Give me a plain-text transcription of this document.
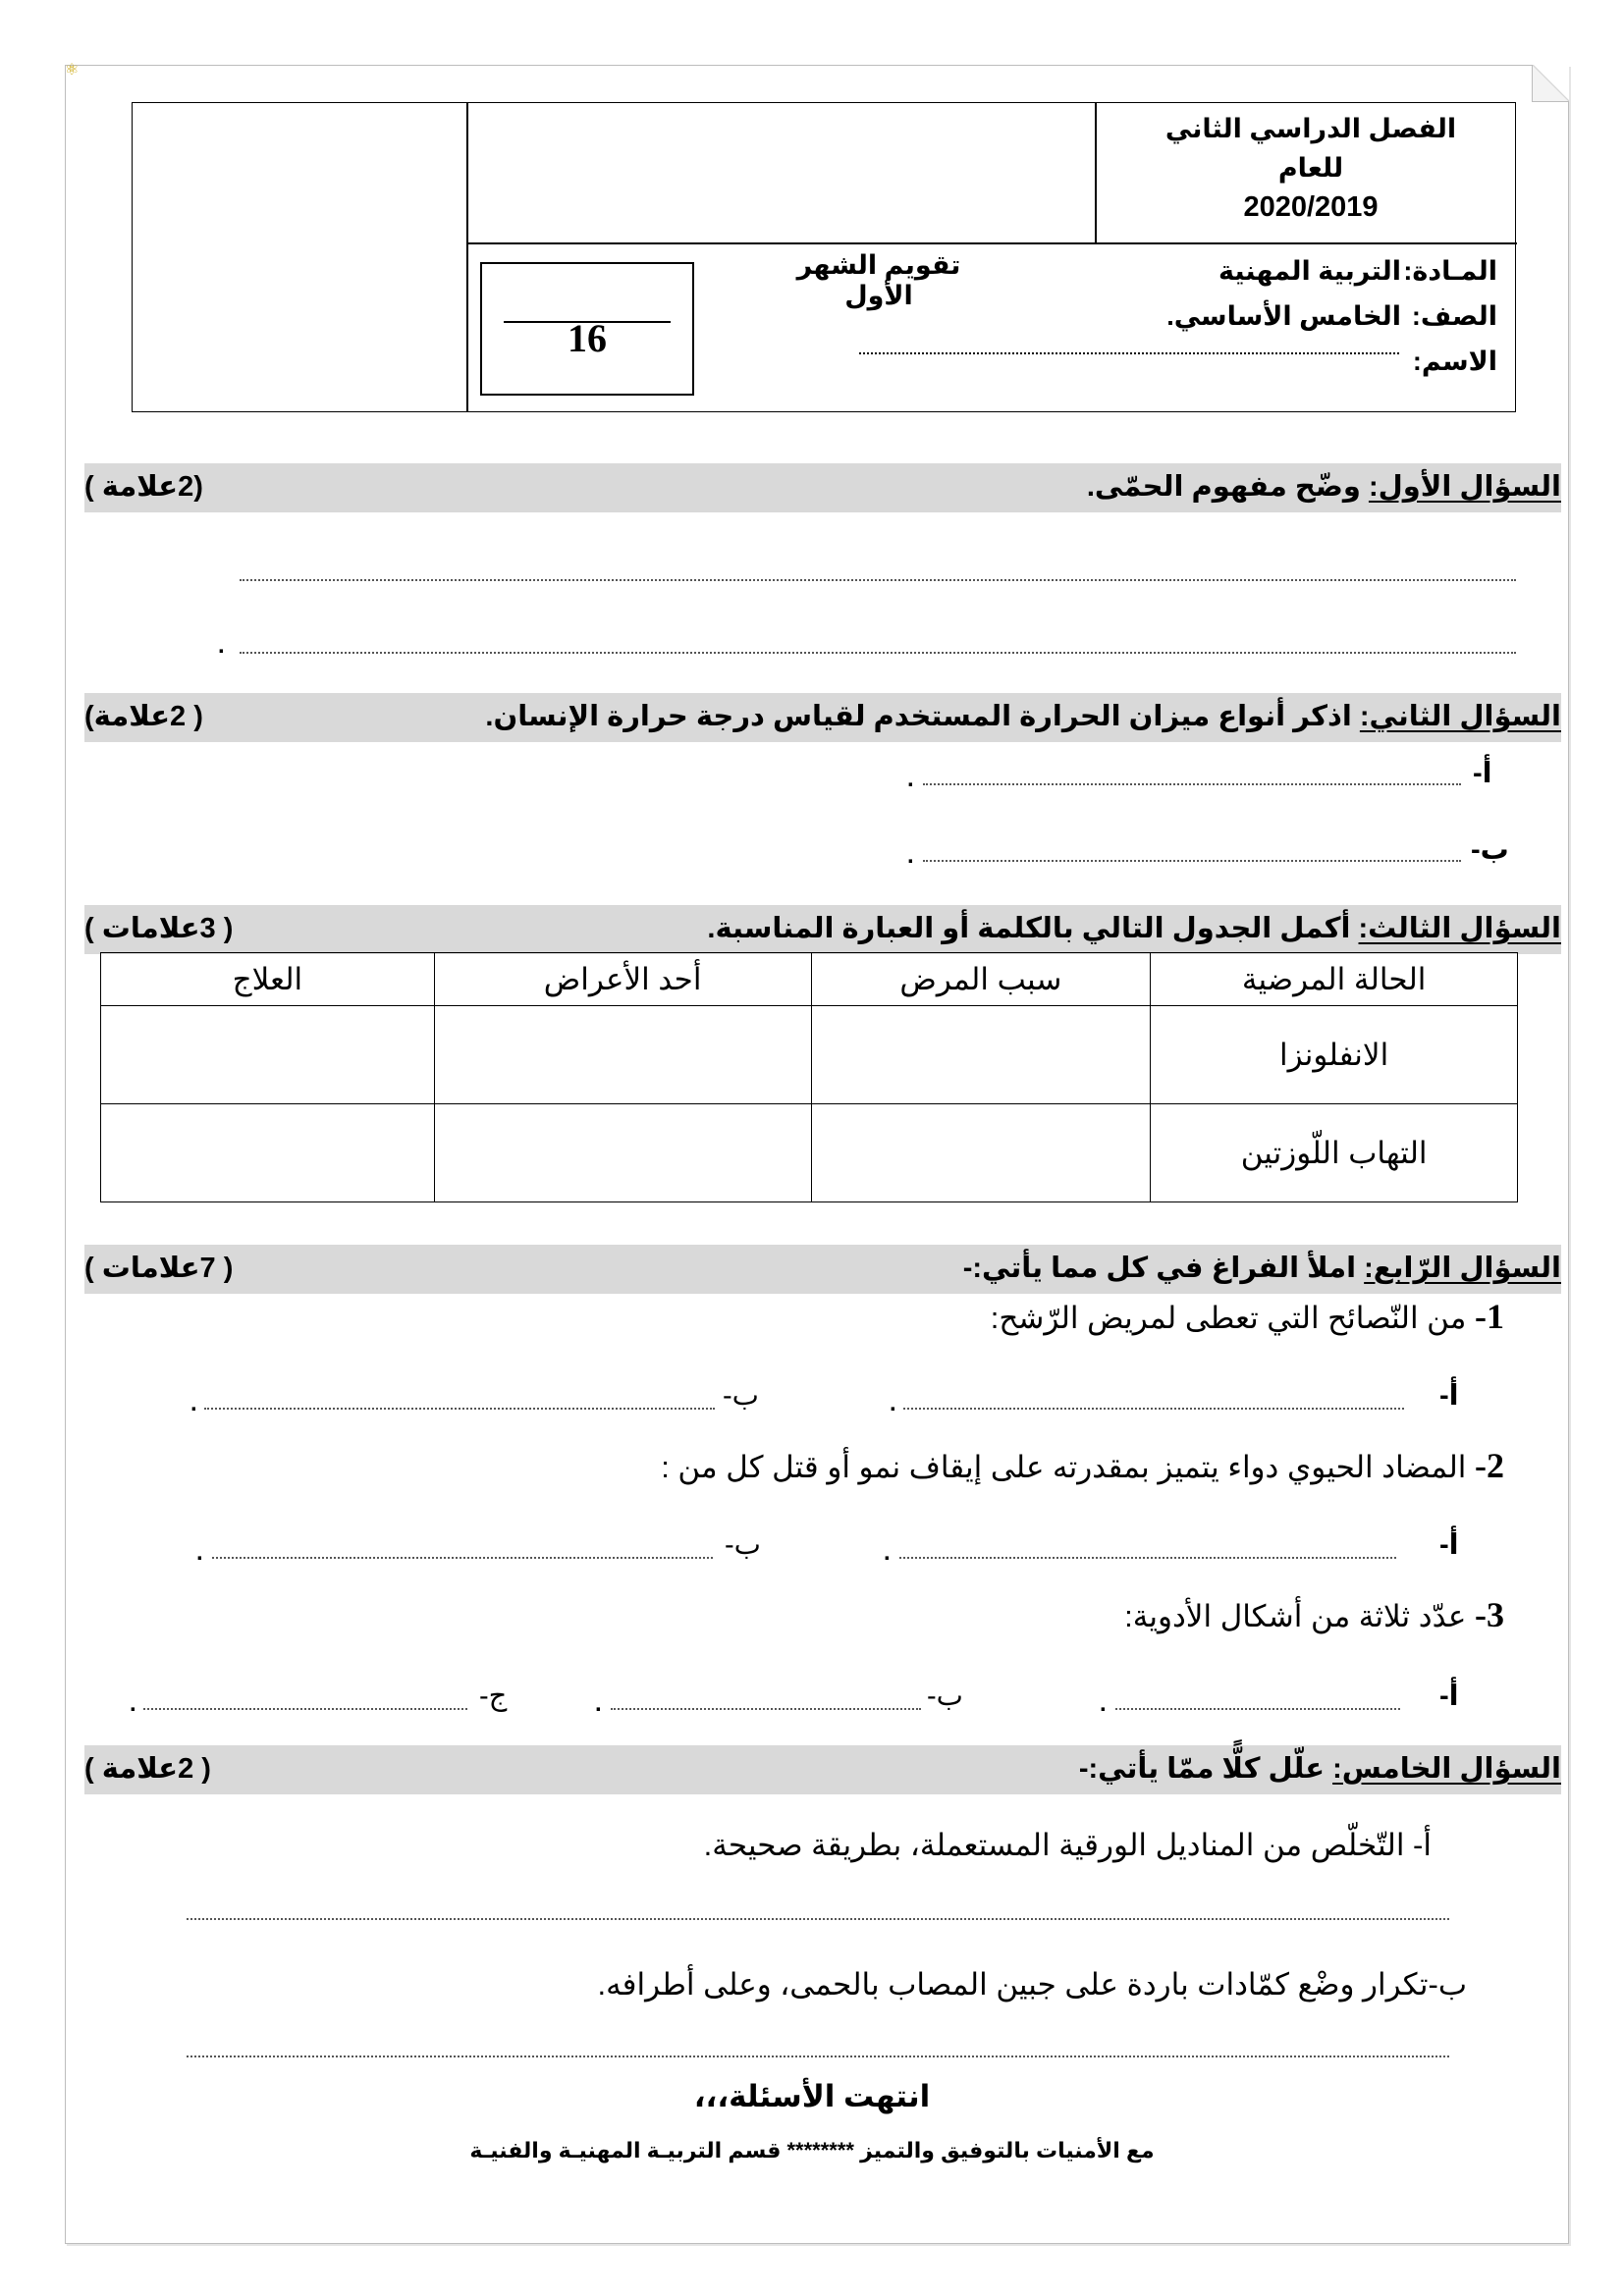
⚛
الفصل الدراسي الثاني
للعام
2020/2019
المـادة:
التربية المهنية
الصف:
الخامس الأساسي.
الاسم:
تقويم الشهر الأول
16
السؤال الأول: وضّح مفهوم الحمّى.
(2علامة )
.
السؤال الثاني: اذكر أنواع ميزان الحرارة المستخدم لقياس درجة حرارة الإنسان.
( 2علامة)
أ-
.
ب-
.
السؤال الثالث: أكمل الجدول التالي بالكلمة أو العبارة المناسبة.
( 3علامات )
الحالة المرضية	سبب المرض	أحد الأعراض	العلاج
الانفلونزا			
التهاب اللّوزتين			
السؤال الرّابع: املأ الفراغ في كل مما يأتي:-
( 7علامات )
1- من النّصائح التي تعطى لمريض الرّشح:
أ-
.
ب-
.
2- المضاد الحيوي دواء يتميز بمقدرته على إيقاف نمو أو قتل كل من :
أ-
.
ب-
.
3- عدّد ثلاثة من أشكال الأدوية:
أ-
.
ب-
.
ج-
.
السؤال الخامس: علّل كلًّا ممّا يأتي:-
( 2علامة )
أ- التّخلّص من المناديل الورقية المستعملة، بطريقة صحيحة.
ب-تكرار وضْع كمّادات باردة على جبين المصاب بالحمى، وعلى أطرافه.
انتهت الأسئلة،،،
مع الأمنيات بالتوفيق والتميز ******** قسم التربيـة المهنيـة والفنيـة
